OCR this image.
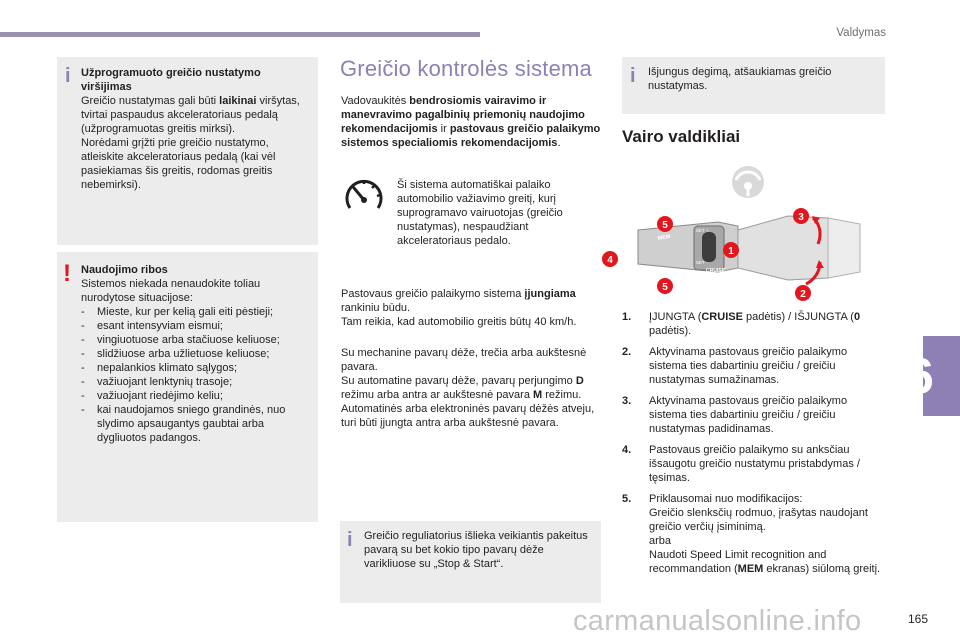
Valdymas
i Užprogramuoto greičio nustatymo viršijimas

Greičio nustatymas gali būti laikinai viršytas, tvirtai paspaudus akceleratoriaus pedalą (užprogramuotas greitis mirksi).

Norėdami grįžti prie greičio nustatymo, atleiskite akceleratoriaus pedalą (kai vėl pasiekiamas šis greitis, rodomas greitis nebemirksi).

! Naudojimo ribos

Sistemos niekada nenaudokite toliau nurodytose situacijose:

- Mieste, kur per kelią gali eiti pėstieji;
- esant intensyviam eismui;
- vingiuotuose arba stačiuose keliuose;
- slidžiuose arba užlietuose keliuose;
- nepalankios klimato sąlygos;
- važiuojant lenktynių trasoje;
- važiuojant riedėjimo keliu;
- kai naudojamos sniego grandinės, nuo slydimo apsaugantys gaubtai arba dygliuotos padangos.
Greičio kontrolės sistema

Vadovaukitės bendrosiomis vairavimo ir manevravimo pagalbinių priemonių naudojimo rekomendacijomis ir pastovaus greičio palaikymo sistemos specialiomis rekomendacijomis.

Ši sistema automatiškai palaiko automobilio važiavimo greitį, kurį suprogramavo vairuotojas (greičio nustatymas), nespaudžiant akceleratoriaus pedalo.

Pastovaus greičio palaikymo sistema įjungiama rankiniu būdu.

Tam reikia, kad automobilio greitis būtų 40 km/h.

Su mechanine pavarų dėže, trečia arba aukštesnė pavara.

Su automatine pavarų dėže, pavarų perjungimo D režimu arba antra ar aukštesnė pavara M režimu.

Automatinės arba elektroninės pavarų dėžės atveju, turi būti įjungta antra arba aukštesnė pavara.

i Greičio reguliatorius išlieka veikiantis pakeitus pavarą su bet kokio tipo pavarų dėže varikliuose su „Stop & Start“.

i Išjungus degimą, atšaukiamas greičio nustatymas.

Vairo valdikliai
MEM
SET +
SET -
CRUISE
1
2
3
4
5
5
1. ĮJUNGTA (CRUISE padėtis) / IŠJUNGTA (0 padėtis).
2. Aktyvinama pastovaus greičio palaikymo sistema ties dabartiniu greičiu / greičiu nustatymas sumažinamas.
3. Aktyvinama pastovaus greičio palaikymo sistema ties dabartiniu greičiu / greičiu nustatymas padidinamas.
4. Pastovaus greičio palaikymo su anksčiau išsaugotu greičio nustatymu pristabdymas / tęsimas.
5. Priklausomai nuo modifikacijos:
Greičio slenksčių rodmuo, įrašytas naudojant greičio verčių įsiminimą.
arba
Naudoti Speed Limit recognition and recommandation (MEM ekranas) siūlomą greitį.
6
carmanualsonline.info	165
